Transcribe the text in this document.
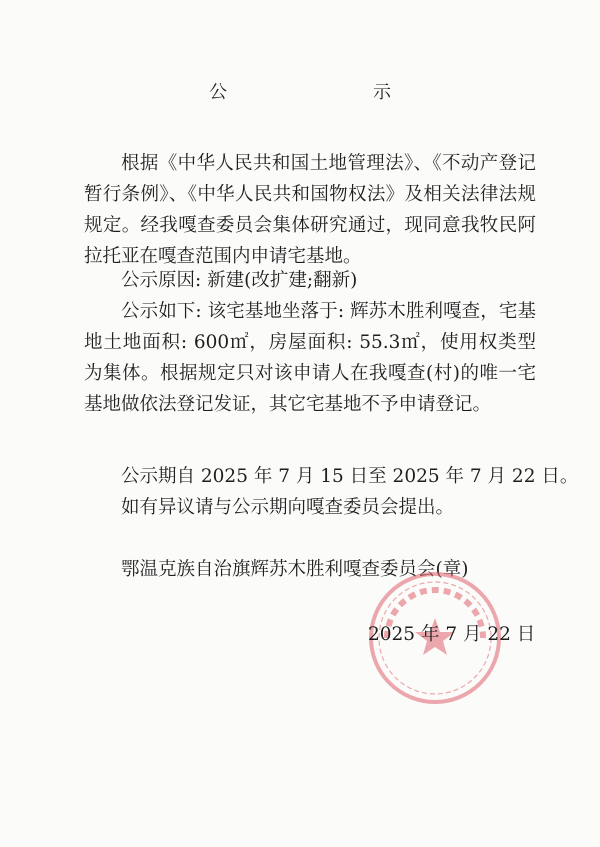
公　示

根据《中华人民共和国土地管理法》、《不动产登记暂行条例》、《中华人民共和国物权法》及相关法律法规规定。经我嘎查委员会集体研究通过，现同意我牧民阿拉托亚在嘎查范围内申请宅基地。

公示原因: 新建(改扩建;翻新)

公示如下: 该宅基地坐落于: 辉苏木胜利嘎查，宅基地土地面积: 600㎡，房屋面积: 55.3㎡，使用权类型为集体。根据规定只对该申请人在我嘎查(村)的唯一宅基地做依法登记发证，其它宅基地不予申请登记。

公示期自 2025 年 7 月 15 日至 2025 年 7 月 22 日。
如有异议请与公示期向嘎查委员会提出。
鄂温克族自治旗辉苏木胜利嘎查委员会(章)
2025 年 7 月 22 日
